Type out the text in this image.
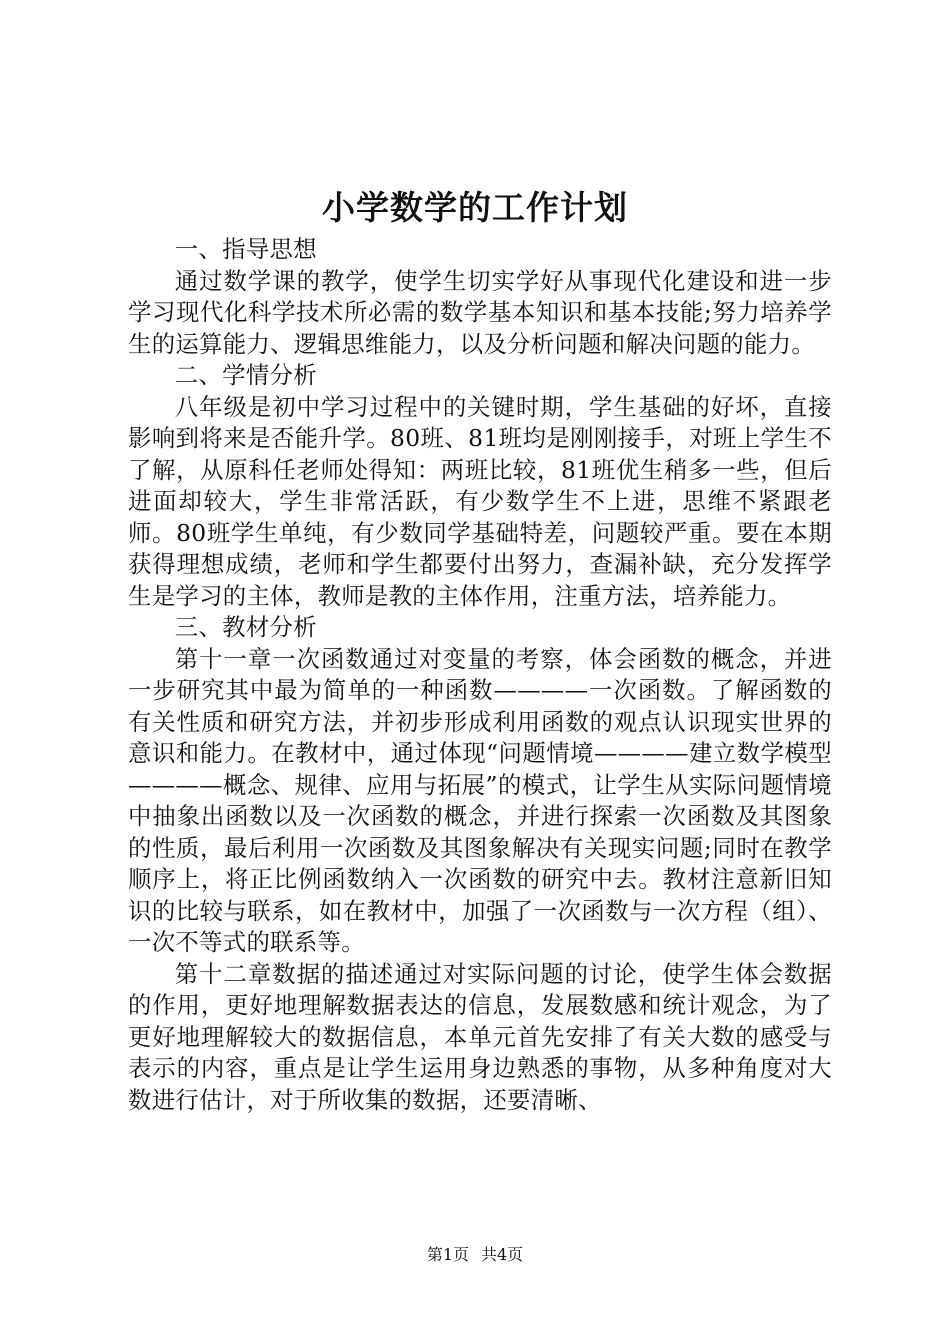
小学数学的工作计划

一、指导思想

通过数学课的教学，使学生切实学好从事现代化建设和进一步学习现代化科学技术所必需的数学基本知识和基本技能;努力培养学生的运算能力、逻辑思维能力，以及分析问题和解决问题的能力。

二、学情分析

八年级是初中学习过程中的关键时期，学生基础的好坏，直接影响到将来是否能升学。80班、81班均是刚刚接手，对班上学生不了解，从原科任老师处得知：两班比较，81班优生稍多一些，但后进面却较大，学生非常活跃，有少数学生不上进，思维不紧跟老师。80班学生单纯，有少数同学基础特差，问题较严重。要在本期获得理想成绩，老师和学生都要付出努力，查漏补缺，充分发挥学生是学习的主体，教师是教的主体作用，注重方法，培养能力。

三、教材分析

第十一章一次函数通过对变量的考察，体会函数的概念，并进一步研究其中最为简单的一种函数————一次函数。了解函数的有关性质和研究方法，并初步形成利用函数的观点认识现实世界的意识和能力。在教材中，通过体现“问题情境————建立数学模型————概念、规律、应用与拓展”的模式，让学生从实际问题情境中抽象出函数以及一次函数的概念，并进行探索一次函数及其图象的性质，最后利用一次函数及其图象解决有关现实问题;同时在教学顺序上，将正比例函数纳入一次函数的研究中去。教材注意新旧知识的比较与联系，如在教材中，加强了一次函数与一次方程（组）、一次不等式的联系等。

第十二章数据的描述通过对实际问题的讨论，使学生体会数据的作用，更好地理解数据表达的信息，发展数感和统计观念，为了更好地理解较大的数据信息，本单元首先安排了有关大数的感受与表示的内容，重点是让学生运用身边熟悉的事物，从多种角度对大数进行估计，对于所收集的数据，还要清晰、

第1页 共4页
